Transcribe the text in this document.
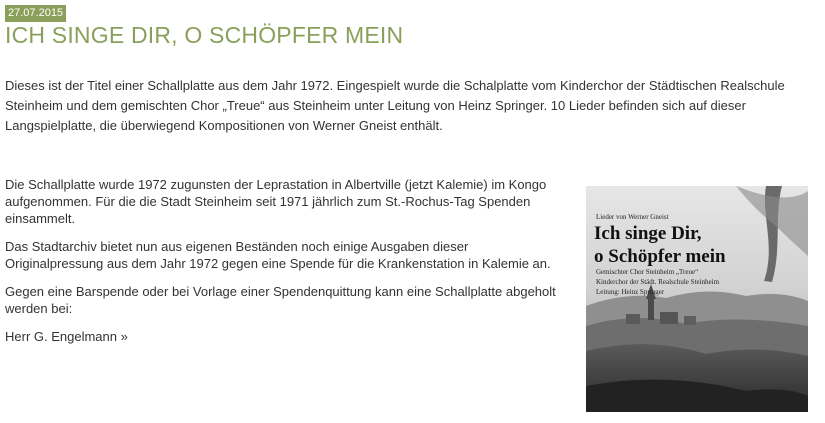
27.07.2015
ICH SINGE DIR, O SCHÖPFER MEIN

Dieses ist der Titel einer Schallplatte aus dem Jahr 1972. Eingespielt wurde die Schalplatte vom Kinderchor der Städtischen Realschule Steinheim und dem gemischten Chor „Treue“ aus Steinheim unter Leitung von Heinz Springer. 10 Lieder befinden sich auf dieser Langspielplatte, die überwiegend Kompositionen von Werner Gneist enthält.

Die Schallplatte wurde 1972 zugunsten der Leprastation in Albertville (jetzt Kalemie) im Kongo aufgenommen. Für die die Stadt Steinheim seit 1971 jährlich zum St.-Rochus-Tag Spenden einsammelt.

Das Stadtarchiv bietet nun aus eigenen Beständen noch einige Ausgaben dieser Originalpressung aus dem Jahr 1972 gegen eine Spende für die Krankenstation in Kalemie an.

Gegen eine Barspende oder bei Vorlage einer Spendenquittung kann eine Schallplatte abgeholt werden bei:

Herr G. Engelmann »

Lieder von Werner Gneist
Ich singe Dir,
o Schöpfer mein
Gemischter Chor Steinheim „Treue“
Kinderchor der Städt. Realschule Steinheim
Leitung: Heinz Springer
